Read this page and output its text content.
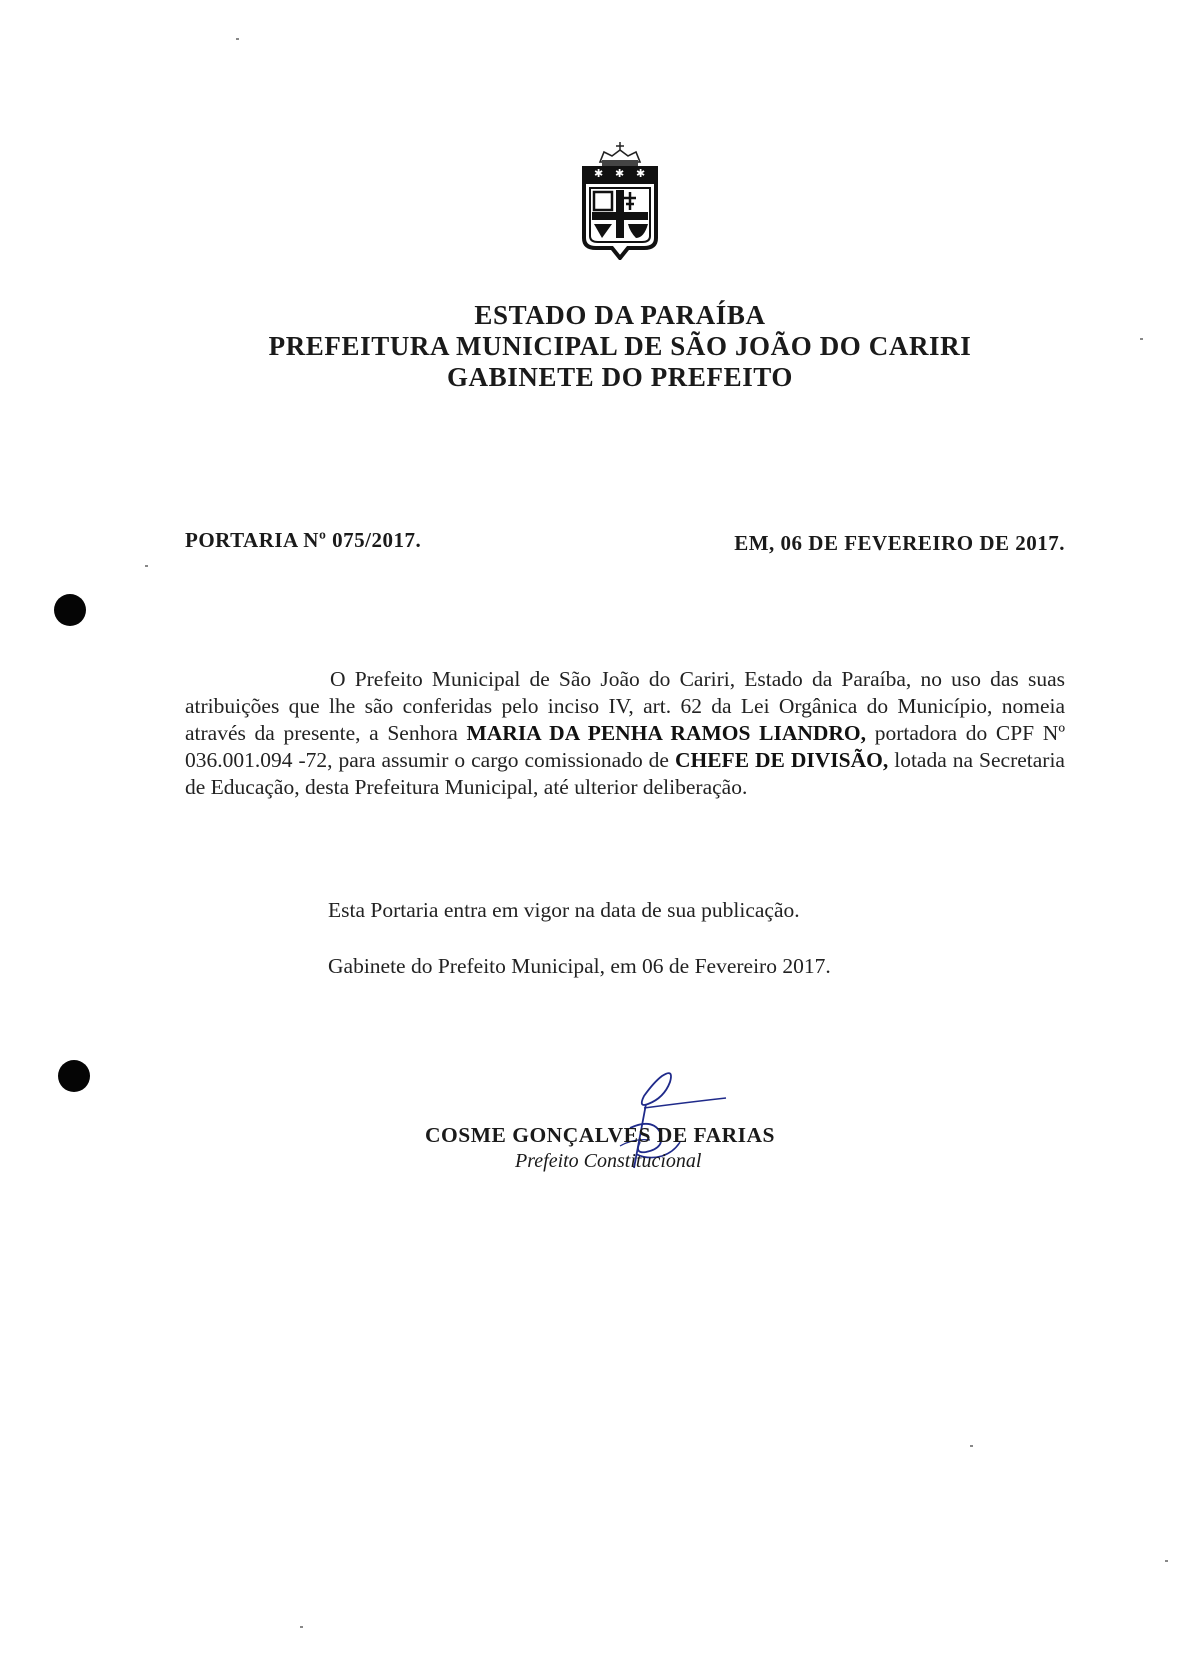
✱ ✱ ✱
ESTADO DA PARAÍBA
PREFEITURA MUNICIPAL DE SÃO JOÃO DO CARIRI
GABINETE DO PREFEITO
PORTARIA Nº 075/2017.	EM, 06 DE FEVEREIRO DE 2017.

O Prefeito Municipal de São João do Cariri, Estado da Paraíba, no uso das suas atribuições que lhe são conferidas pelo inciso IV, art. 62 da Lei Orgânica do Município, nomeia através da presente, a Senhora MARIA DA PENHA RAMOS LIANDRO, portadora do CPF Nº 036.001.094 -72, para assumir o cargo comissionado de CHEFE DE DIVISÃO, lotada na Secretaria de Educação, desta Prefeitura Municipal, até ulterior deliberação.

Esta Portaria entra em vigor na data de sua publicação.
Gabinete do Prefeito Municipal, em 06 de Fevereiro 2017.
COSME GONÇALVES DE FARIAS
Prefeito Constitucional
